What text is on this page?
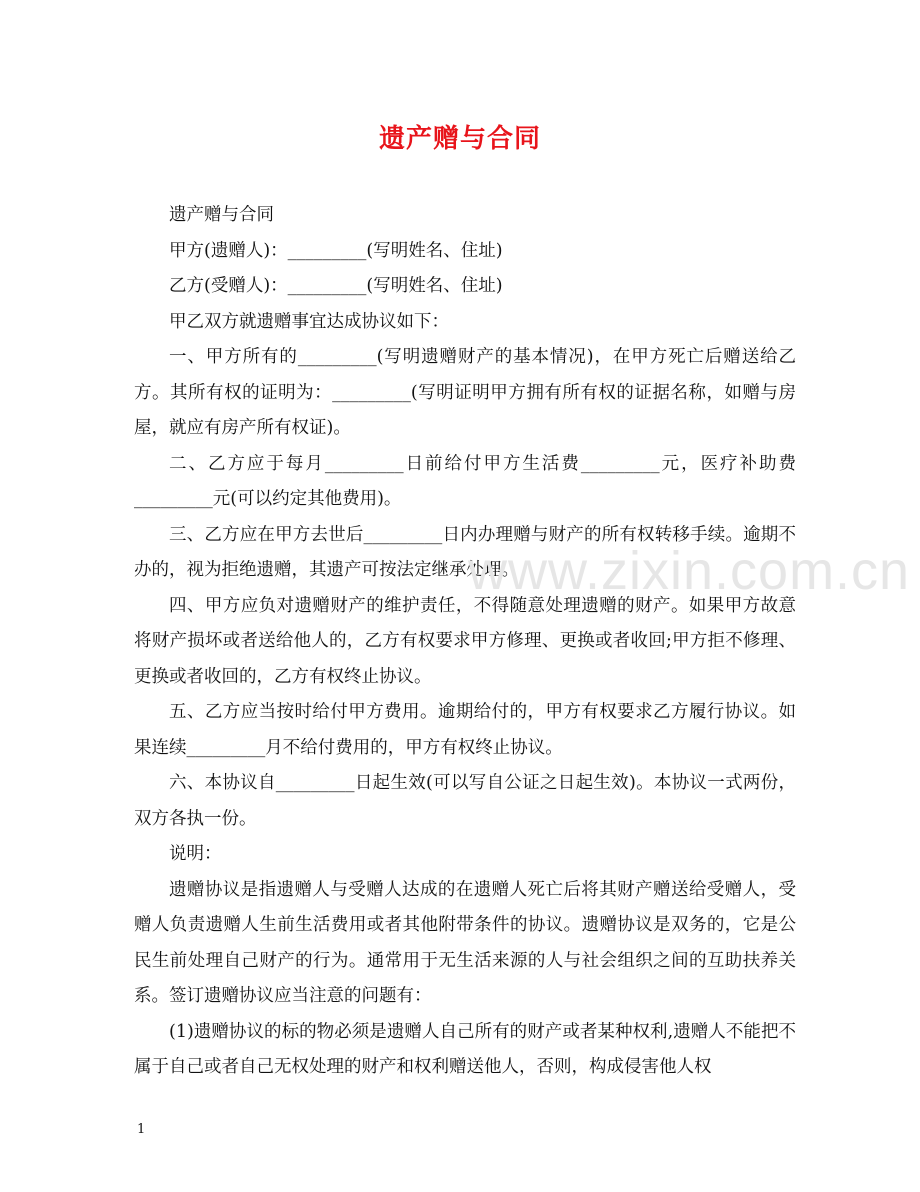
遗产赠与合同

遗产赠与合同

甲方(遗赠人)：_________(写明姓名、住址)

乙方(受赠人)：_________(写明姓名、住址)

甲乙双方就遗赠事宜达成协议如下：

一、甲方所有的_________(写明遗赠财产的基本情况)，在甲方死亡后赠送给乙方。其所有权的证明为：_________(写明证明甲方拥有所有权的证据名称，如赠与房屋，就应有房产所有权证)。

二、乙方应于每月_________日前给付甲方生活费_________元，医疗补助费_________元(可以约定其他费用)。

三、乙方应在甲方去世后_________日内办理赠与财产的所有权转移手续。逾期不办的，视为拒绝遗赠，其遗产可按法定继承处理。

四、甲方应负对遗赠财产的维护责任，不得随意处理遗赠的财产。如果甲方故意将财产损坏或者送给他人的，乙方有权要求甲方修理、更换或者收回;甲方拒不修理、更换或者收回的，乙方有权终止协议。

五、乙方应当按时给付甲方费用。逾期给付的，甲方有权要求乙方履行协议。如果连续_________月不给付费用的，甲方有权终止协议。

六、本协议自_________日起生效(可以写自公证之日起生效)。本协议一式两份，双方各执一份。

说明：

遗赠协议是指遗赠人与受赠人达成的在遗赠人死亡后将其财产赠送给受赠人，受赠人负责遗赠人生前生活费用或者其他附带条件的协议。遗赠协议是双务的，它是公民生前处理自己财产的行为。通常用于无生活来源的人与社会组织之间的互助扶养关系。签订遗赠协议应当注意的问题有：

(1)遗赠协议的标的物必须是遗赠人自己所有的财产或者某种权利,遗赠人不能把不属于自己或者自己无权处理的财产和权利赠送他人，否则，构成侵害他人权

www.zixin.com.cn
1
